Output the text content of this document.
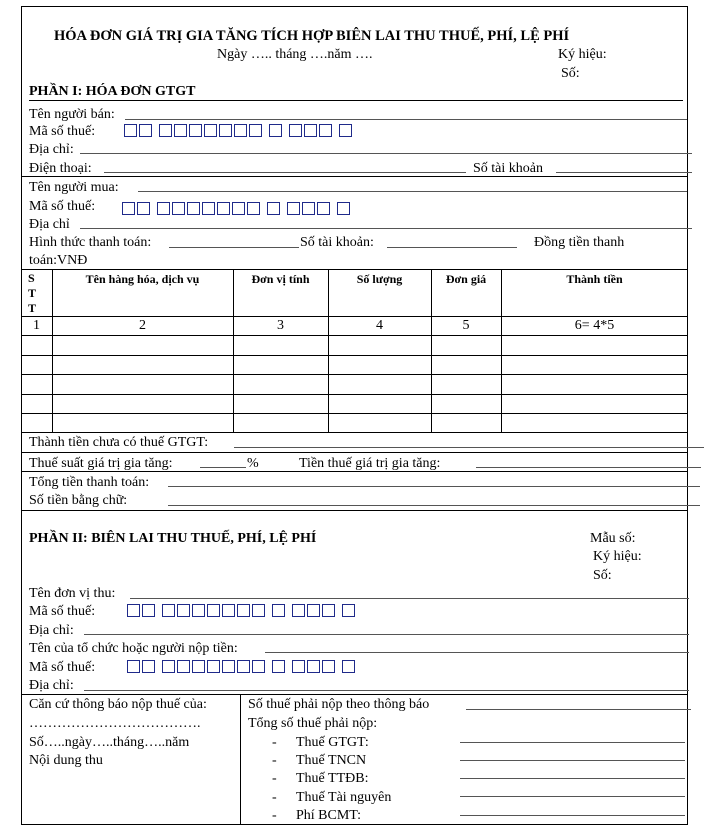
HÓA ĐƠN GIÁ TRỊ GIA TĂNG TÍCH HỢP BIÊN LAI THU THUẾ, PHÍ, LỆ PHÍ
Ngày ….. tháng ….năm ….	Ký hiệu:
Số:
PHẦN I: HÓA ĐƠN GTGT
Tên người bán:
Mã số thuế:
Địa chỉ:
Điện thoại:	Số tài khoản
Tên người mua:
Mã số thuế:
Địa chỉ
Hình thức thanh toán:	Số tài khoản:	Đồng tiền thanh
toán:VNĐ
S
T
T
Tên hàng hóa, dịch vụ	Đơn vị tính	Số lượng	Đơn giá	Thành tiền
1	2	3	4	5	6= 4*5
Thành tiền chưa có thuế GTGT:
Thuế suất giá trị gia tăng:	%	Tiền thuế giá trị gia tăng:
Tổng tiền thanh toán:
Số tiền bằng chữ:
PHẦN II: BIÊN LAI THU THUẾ, PHÍ, LỆ PHÍ	Mẫu số:
Ký hiệu:
Số:
Tên đơn vị thu:
Mã số thuế:
Địa chỉ:
Tên của tổ chức hoặc người nộp tiền:
Mã số thuế:
Địa chỉ:
Căn cứ thông báo nộp thuế của:
……………………………….
Số…..ngày…..tháng…..năm
Nội dung thu
Số thuế phải nộp theo thông báo
Tổng số thuế phải nộp:
- Thuế GTGT:
- Thuế TNCN
- Thuế TTĐB:
- Thuế Tài nguyên
- Phí BCMT:
